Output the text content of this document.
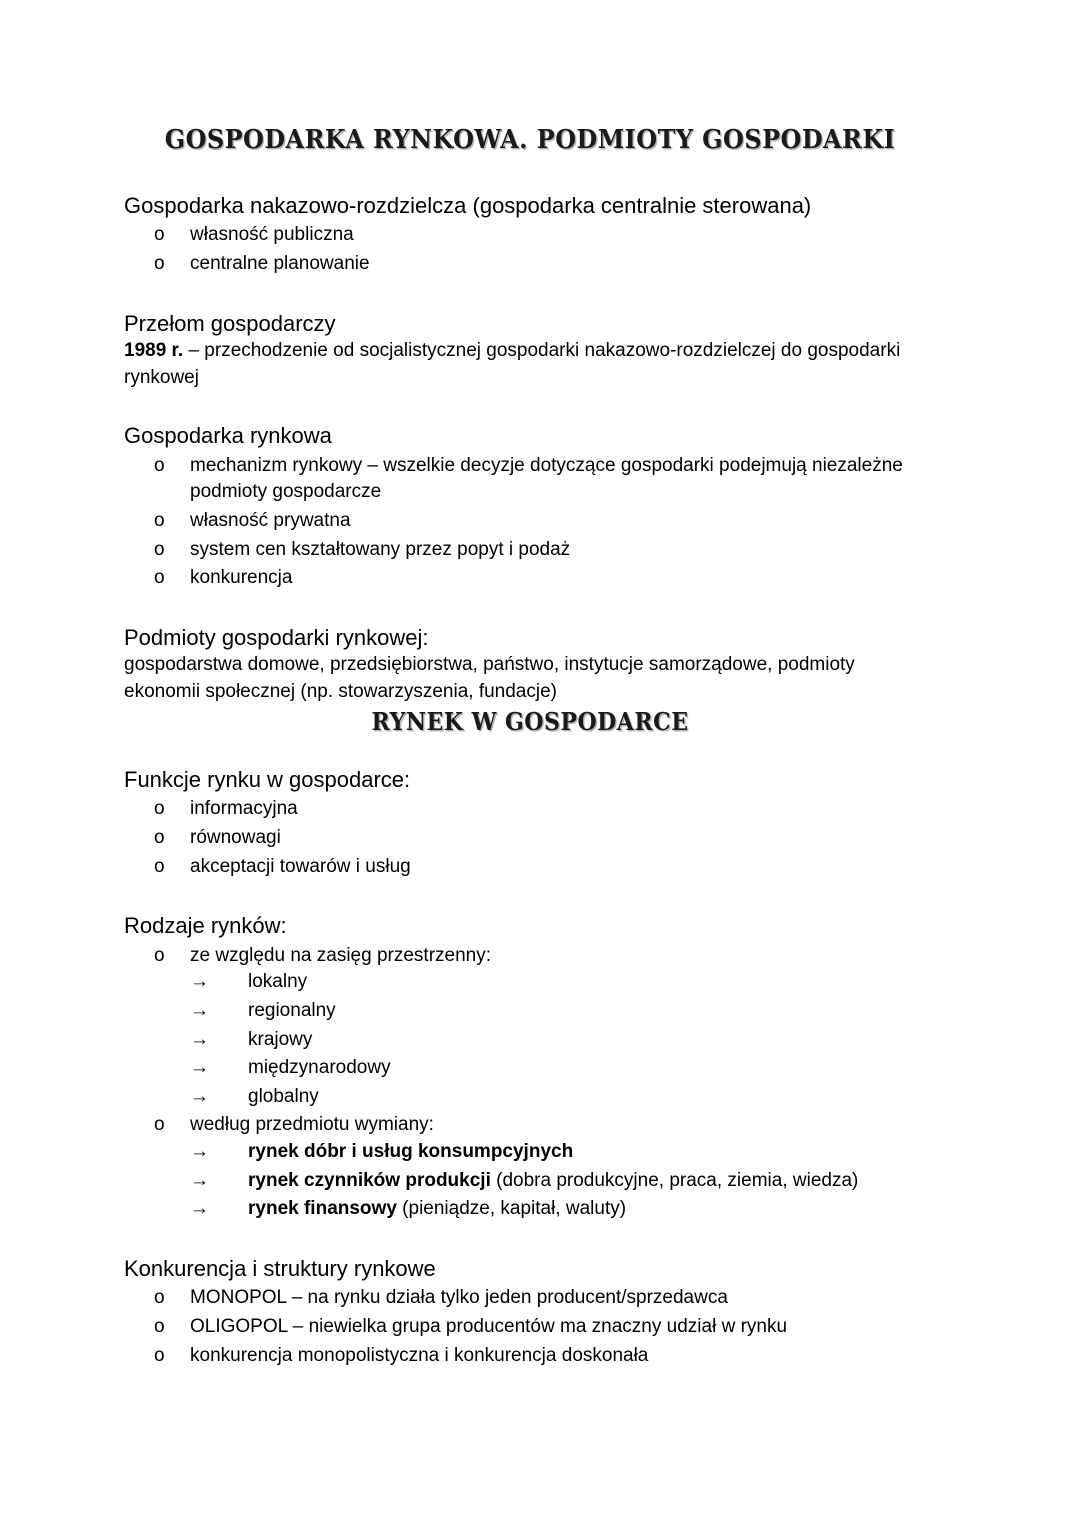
GOSPODARKA RYNKOWA. PODMIOTY GOSPODARKI

Gospodarka nakazowo-rozdzielcza (gospodarka centralnie sterowana)

o własność publiczna
o centralne planowanie

Przełom gospodarczy

1989 r. – przechodzenie od socjalistycznej gospodarki nakazowo-rozdzielczej do gospodarki rynkowej

Gospodarka rynkowa

o mechanizm rynkowy – wszelkie decyzje dotyczące gospodarki podejmują niezależne podmioty gospodarcze
o własność prywatna
o system cen kształtowany przez popyt i podaż
o konkurencja

Podmioty gospodarki rynkowej:

gospodarstwa domowe, przedsiębiorstwa, państwo, instytucje samorządowe, podmioty ekonomii społecznej (np. stowarzyszenia, fundacje)

RYNEK W GOSPODARCE

Funkcje rynku w gospodarce:

o informacyjna
o równowagi
o akceptacji towarów i usług

Rodzaje rynków:

o ze względu na zasięg przestrzenny:
→ lokalny
→ regionalny
→ krajowy
→ międzynarodowy
→ globalny
o według przedmiotu wymiany:
→ rynek dóbr i usług konsumpcyjnych
→ rynek czynników produkcji (dobra produkcyjne, praca, ziemia, wiedza)
→ rynek finansowy (pieniądze, kapitał, waluty)

Konkurencja i struktury rynkowe

o MONOPOL – na rynku działa tylko jeden producent/sprzedawca
o OLIGOPOL – niewielka grupa producentów ma znaczny udział w rynku
o konkurencja monopolistyczna i konkurencja doskonała
